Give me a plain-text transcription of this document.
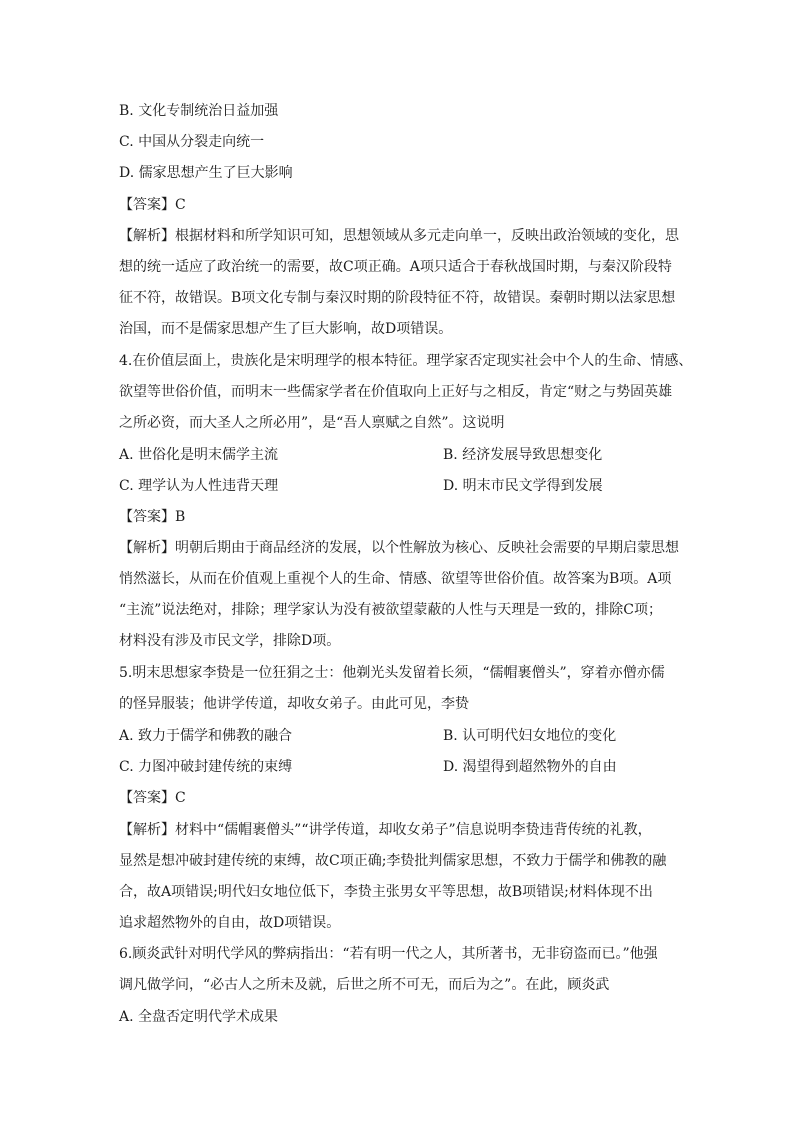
B. 文化专制统治日益加强
C. 中国从分裂走向统一
D. 儒家思想产生了巨大影响
【答案】C
【解析】根据材料和所学知识可知，思想领域从多元走向单一，反映出政治领域的变化，思
想的统一适应了政治统一的需要，故C项正确。A项只适合于春秋战国时期，与秦汉阶段特
征不符，故错误。B项文化专制与秦汉时期的阶段特征不符，故错误。秦朝时期以法家思想
治国，而不是儒家思想产生了巨大影响，故D项错误。
4.在价值层面上，贵族化是宋明理学的根本特征。理学家否定现实社会中个人的生命、情感、
欲望等世俗价值，而明末一些儒家学者在价值取向上正好与之相反，肯定“财之与势固英雄
之所必资，而大圣人之所必用”，是“吾人禀赋之自然”。这说明
A. 世俗化是明末儒学主流	B. 经济发展导致思想变化
C. 理学认为人性违背天理	D. 明末市民文学得到发展
【答案】B
【解析】明朝后期由于商品经济的发展，以个性解放为核心、反映社会需要的早期启蒙思想
悄然滋长，从而在价值观上重视个人的生命、情感、欲望等世俗价值。故答案为B项。A项
“主流”说法绝对，排除；理学家认为没有被欲望蒙蔽的人性与天理是一致的，排除C项；
材料没有涉及市民文学，排除D项。
5.明末思想家李贽是一位狂狷之士：他剃光头发留着长须，“儒帽裹僧头”，穿着亦僧亦儒
的怪异服装；他讲学传道，却收女弟子。由此可见，李贽
A. 致力于儒学和佛教的融合	B. 认可明代妇女地位的变化
C. 力图冲破封建传统的束缚	D. 渴望得到超然物外的自由
【答案】C
【解析】材料中“儒帽裹僧头”“讲学传道，却收女弟子”信息说明李贽违背传统的礼教，
显然是想冲破封建传统的束缚，故C项正确;李贽批判儒家思想，不致力于儒学和佛教的融
合，故A项错误;明代妇女地位低下，李贽主张男女平等思想，故B项错误;材料体现不出
追求超然物外的自由，故D项错误。
6.顾炎武针对明代学风的弊病指出：“若有明一代之人，其所著书，无非窃盗而已。”他强
调凡做学问，“必古人之所未及就，后世之所不可无，而后为之”。在此，顾炎武
A. 全盘否定明代学术成果
